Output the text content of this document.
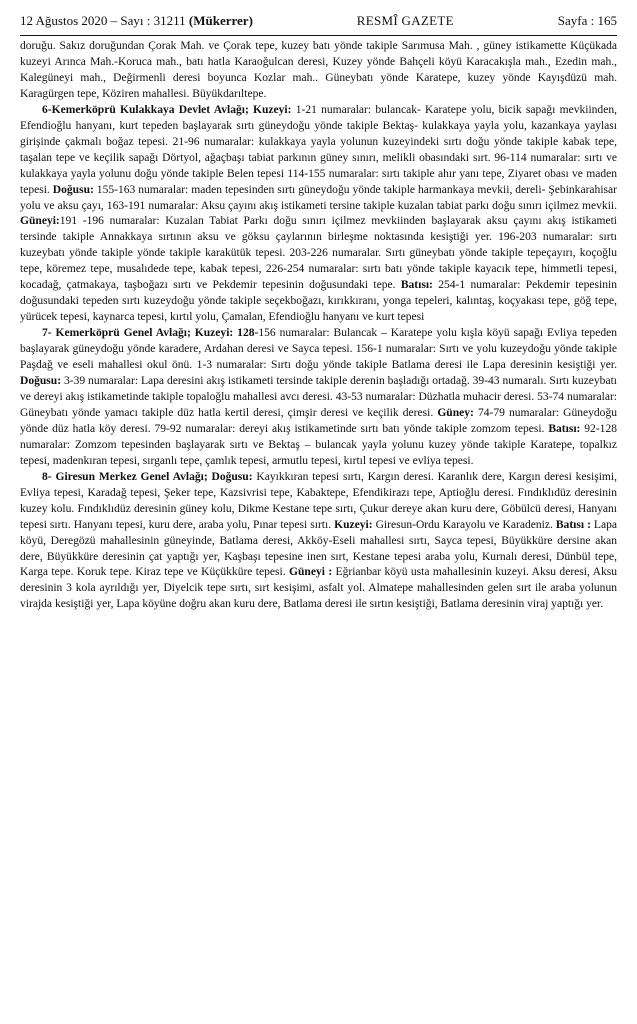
12 Ağustos 2020 – Sayı : 31211 (Mükerrer)	RESMÎ GAZETE	Sayfa : 165

doruğu. Sakız doruğundan Çorak Mah. ve Çorak tepe, kuzey batı yönde takiple Sarımusa Mah. , güney istikamette Küçükada kuzeyi Arınca Mah.-Koruca mah., batı hatla Karaoğulcan deresi, Kuzey yönde Bahçeli köyü Karacakışla mah., Ezedin mah., Kalegüneyi mah., Değirmenli deresi boyunca Kozlar mah.. Güneybatı yönde Karatepe, kuzey yönde Kayışdüzü mah. Karagürgen tepe, Köziren mahallesi. Büyükdarıltepe.

6-Kemerköprü Kulakkaya Devlet Avlağı; Kuzeyi: 1-21 numaralar: bulancak- Karatepe yolu, bicik sapağı mevkiinden, Efendioğlu hanyanı, kurt tepeden başlayarak sırtı güneydoğu yönde takiple Bektaş- kulakkaya yayla yolu, kazankaya yaylası girişinde çakmalı boğaz tepesi. 21-96 numaralar: kulakkaya yayla yolunun kuzeyindeki sırtı doğu yönde takiple kabak tepe, taşalan tepe ve keçilik sapağı Dörtyol, ağaçbaşı tabiat parkının güney sınırı, melikli obasındaki sırt. 96-114 numaralar: sırtı ve kulakkaya yayla yolunu doğu yönde takiple Belen tepesi 114-155 numaralar: sırtı takiple ahır yanı tepe, Ziyaret obası ve maden tepesi. Doğusu: 155-163 numaralar: maden tepesinden sırtı güneydoğu yönde takiple harmankaya mevkii, dereli- Şebinkarahisar yolu ve aksu çayı, 163-191 numaralar: Aksu çayını akış istikameti tersine takiple kuzalan tabiat parkı doğu sınırı içilmez mevkii. Güneyi:191 -196 numaralar: Kuzalan Tabiat Parkı doğu sınırı içilmez mevkiinden başlayarak aksu çayını akış istikameti tersinde takiple Annakkaya sırtının aksu ve göksu çaylarının birleşme noktasında kesiştiği yer. 196-203 numaralar: sırtı kuzeybatı yönde takiple yönde takiple karakütük tepesi. 203-226 numaralar. Sırtı güneybatı yönde takiple tepeçayırı, koçoğlu tepe, köremez tepe, musalıdede tepe, kabak tepesi, 226-254 numaralar: sırtı batı yönde takiple kayacık tepe, himmetli tepesi, kocadağ, çatmakaya, taşboğazı sırtı ve Pekdemir tepesinin doğusundaki tepe. Batısı: 254-1 numaralar: Pekdemir tepesinin doğusundaki tepeden sırtı kuzeydoğu yönde takiple seçekboğazı, kırıkkıranı, yonga tepeleri, kalıntaş, koçyakası tepe, göğ tepe, yürücek tepesi, kaynarca tepesi, kırtıl yolu, Çamalan, Efendioğlu hanyanı ve kurt tepesi

7- Kemerköprü Genel Avlağı; Kuzeyi: 128-156 numaralar: Bulancak – Karatepe yolu kışla köyü sapağı Evliya tepeden başlayarak güneydoğu yönde karadere, Ardahan deresi ve Sayca tepesi. 156-1 numaralar: Sırtı ve yolu kuzeydoğu yönde takiple Paşdağ ve eseli mahallesi okul önü. 1-3 numaralar: Sırtı doğu yönde takiple Batlama deresi ile Lapa deresinin kesiştiği yer. Doğusu: 3-39 numaralar: Lapa deresini akış istikameti tersinde takiple derenin başladığı ortadağ. 39-43 numaralı. Sırtı kuzeybatı ve dereyi akış istikametinde takiple topaloğlu mahallesi avcı deresi. 43-53 numaralar: Düzhatla muhacir deresi. 53-74 numaralar: Güneybatı yönde yamacı takiple düz hatla kertil deresi, çimşir deresi ve keçilik deresi. Güney: 74-79 numaralar: Güneydoğu yönde düz hatla köy deresi. 79-92 numaralar: dereyi akış istikametinde sırtı batı yönde takiple zomzom tepesi. Batısı: 92-128 numaralar: Zomzom tepesinden başlayarak sırtı ve Bektaş – bulancak yayla yolunu kuzey yönde takiple Karatepe, topalkız tepesi, madenkıran tepesi, sırganlı tepe, çamlık tepesi, armutlu tepesi, kırtıl tepesi ve evliya tepesi.

8- Giresun Merkez Genel Avlağı; Doğusu: Kayıkkıran tepesi sırtı, Kargın deresi. Karanlık dere, Kargın deresi kesişimi, Evliya tepesi, Karadağ tepesi, Şeker tepe, Kazsivrisi tepe, Kabaktepe, Efendikirazı tepe, Aptioğlu deresi. Fındıklıdüz deresinin kuzey kolu. Fındıklıdüz deresinin güney kolu, Dikme Kestane tepe sırtı, Çukur dereye akan kuru dere, Göbülcü deresi, Hanyanı tepesi sırtı. Hanyanı tepesi, kuru dere, araba yolu, Pınar tepesi sırtı. Kuzeyi: Giresun-Ordu Karayolu ve Karadeniz. Batısı : Lapa köyü, Deregözü mahallesinin güneyinde, Batlama deresi, Akköy-Eseli mahallesi sırtı, Sayca tepesi, Büyükküre dersine akan dere, Büyükküre deresinin çat yaptığı yer, Kaşbaşı tepesine inen sırt, Kestane tepesi araba yolu, Kurnalı deresi, Dünbül tepe, Karga tepe. Koruk tepe. Kiraz tepe ve Küçükküre tepesi. Güneyi : Eğrianbar köyü usta mahallesinin kuzeyi. Aksu deresi, Aksu deresinin 3 kola ayrıldığı yer, Diyelcik tepe sırtı, sırt kesişimi, asfalt yol. Almatepe mahallesinden gelen sırt ile araba yolunun virajda kesiştiği yer, Lapa köyüne doğru akan kuru dere, Batlama deresi ile sırtın kesiştiği, Batlama deresinin viraj yaptığı yer.
